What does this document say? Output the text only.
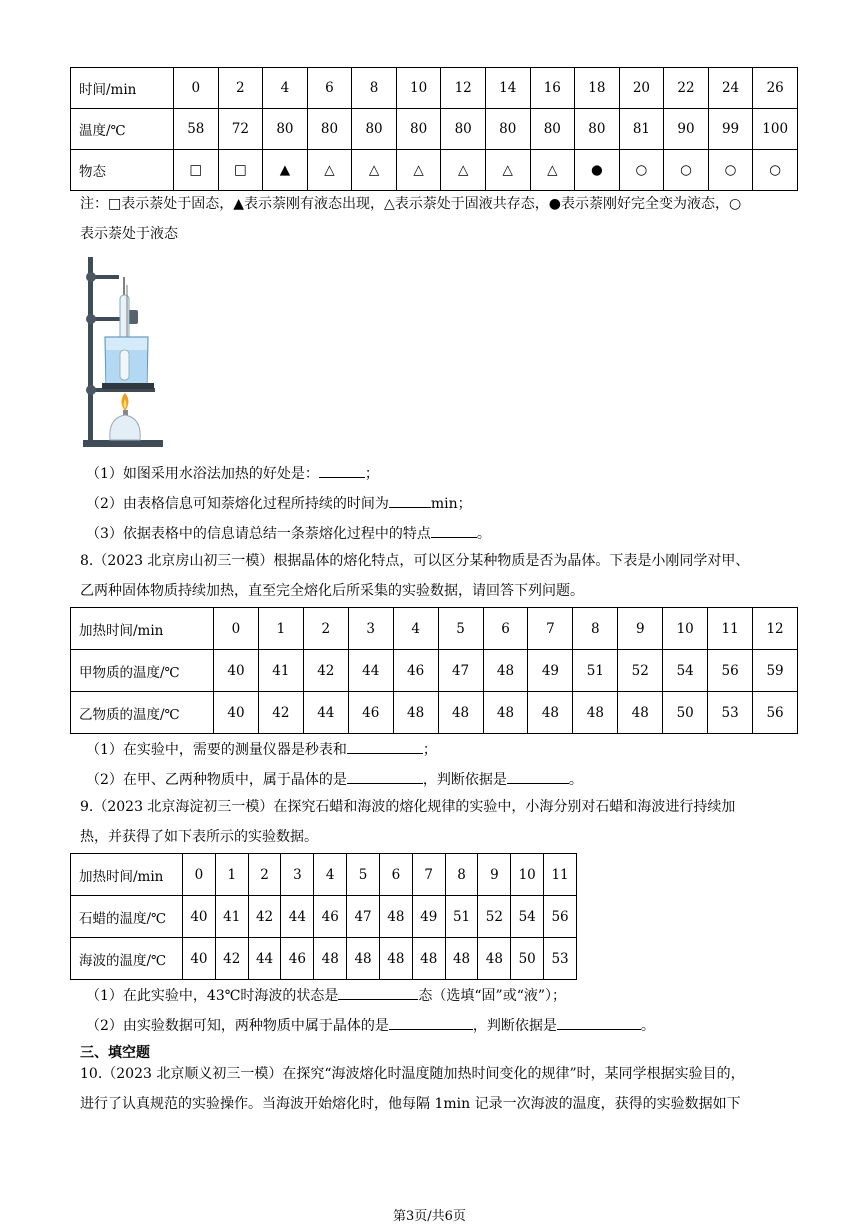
时间/min	0	2	4	6	8	10	12	14	16	18	20	22	24	26
温度/℃	58	72	80	80	80	80	80	80	80	80	81	90	99	100
物态	□	□	▲	△	△	△	△	△	△	●	○	○	○	○
注：□表示萘处于固态，▲表示萘刚有液态出现，△表示萘处于固液共存态，●表示萘刚好完全变为液态，○
表示萘处于液态
（1）如图采用水浴法加热的好处是：	；
（2）由表格信息可知萘熔化过程所持续的时间为	min；
（3）依据表格中的信息请总结一条萘熔化过程中的特点	。
8.（2023 北京房山初三一模）根据晶体的熔化特点，可以区分某种物质是否为晶体。下表是小刚同学对甲、
乙两种固体物质持续加热，直至完全熔化后所采集的实验数据，请回答下列问题。
加热时间/min	0	1	2	3	4	5	6	7	8	9	10	11	12
甲物质的温度/℃	40	41	42	44	46	47	48	49	51	52	54	56	59
乙物质的温度/℃	40	42	44	46	48	48	48	48	48	48	50	53	56
（1）在实验中，需要的测量仪器是秒表和	；
（2）在甲、乙两种物质中，属于晶体的是	，判断依据是	。
9.（2023 北京海淀初三一模）在探究石蜡和海波的熔化规律的实验中，小海分别对石蜡和海波进行持续加
热，并获得了如下表所示的实验数据。
加热时间/min	0	1	2	3	4	5	6	7	8	9	10	11
石蜡的温度/℃	40	41	42	44	46	47	48	49	51	52	54	56
海波的温度/℃	40	42	44	46	48	48	48	48	48	48	50	53
（1）在此实验中，43℃时海波的状态是	态（选填“固”或“液”）；
（2）由实验数据可知，两种物质中属于晶体的是	，判断依据是	。
三、填空题
10.（2023 北京顺义初三一模）在探究“海波熔化时温度随加热时间变化的规律”时，某同学根据实验目的，
进行了认真规范的实验操作。当海波开始熔化时，他每隔 1min 记录一次海波的温度，获得的实验数据如下
第3页/共6页
